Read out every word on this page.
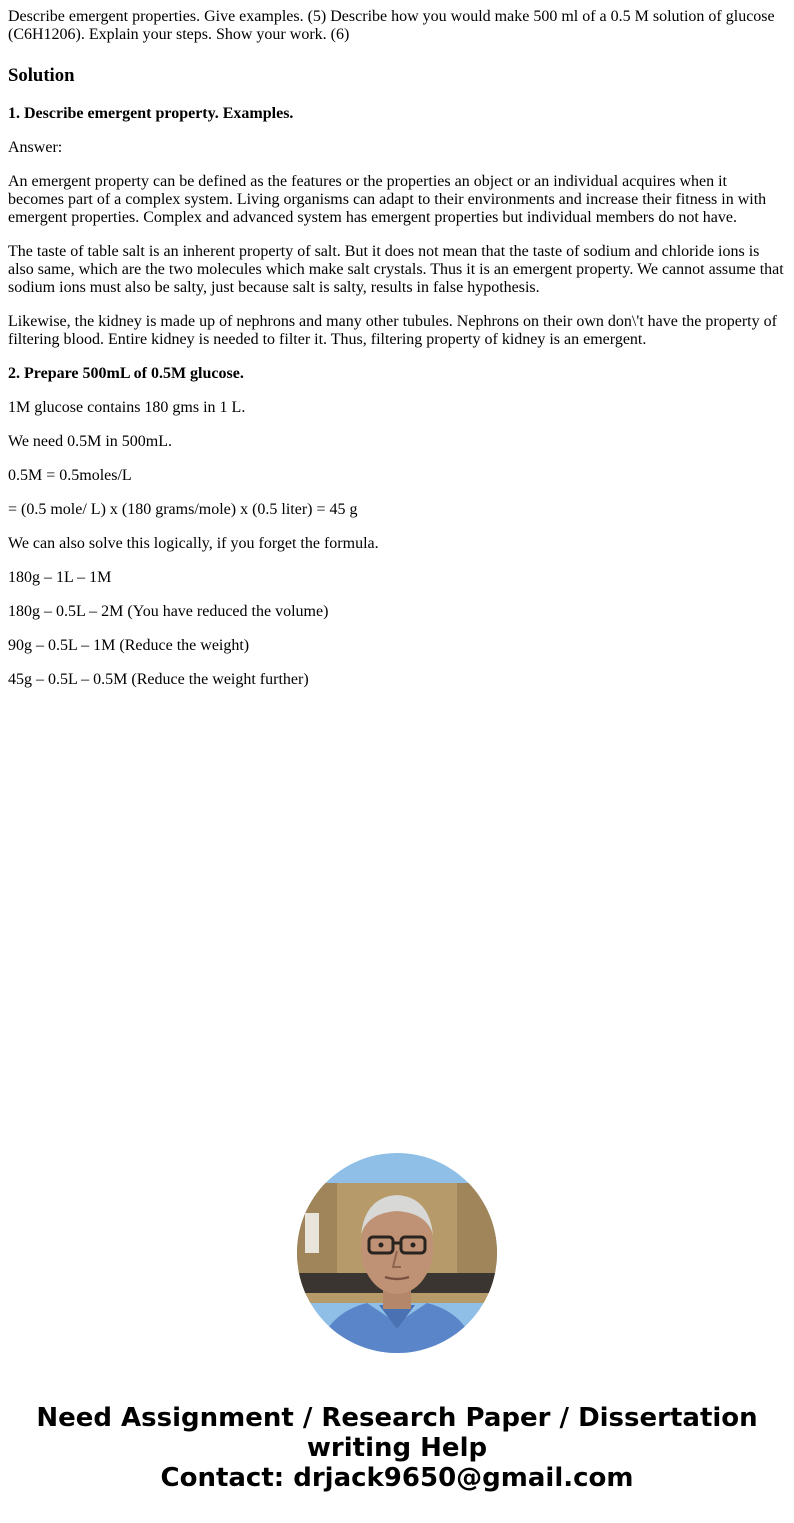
Describe emergent properties. Give examples. (5) Describe how you would make 500 ml of a 0.5 M solution of glucose (C6H1206). Explain your steps. Show your work. (6)

Solution

1. Describe emergent property. Examples.

Answer:

An emergent property can be defined as the features or the properties an object or an individual acquires when it becomes part of a complex system. Living organisms can adapt to their environments and increase their fitness in with emergent properties. Complex and advanced system has emergent properties but individual members do not have.

The taste of table salt is an inherent property of salt. But it does not mean that the taste of sodium and chloride ions is also same, which are the two molecules which make salt crystals. Thus it is an emergent property. We cannot assume that sodium ions must also be salty, just because salt is salty, results in false hypothesis.

Likewise, the kidney is made up of nephrons and many other tubules. Nephrons on their own don\'t have the property of filtering blood. Entire kidney is needed to filter it. Thus, filtering property of kidney is an emergent.

2. Prepare 500mL of 0.5M glucose.

1M glucose contains 180 gms in 1 L.

We need 0.5M in 500mL.

0.5M = 0.5moles/L

= (0.5 mole/ L) x (180 grams/mole) x (0.5 liter) = 45 g

We can also solve this logically, if you forget the formula.

180g – 1L – 1M

180g – 0.5L – 2M (You have reduced the volume)

90g – 0.5L – 1M (Reduce the weight)

45g – 0.5L – 0.5M (Reduce the weight further)

Need Assignment / Research Paper / Dissertation
writing Help
Contact: drjack9650@gmail.com
